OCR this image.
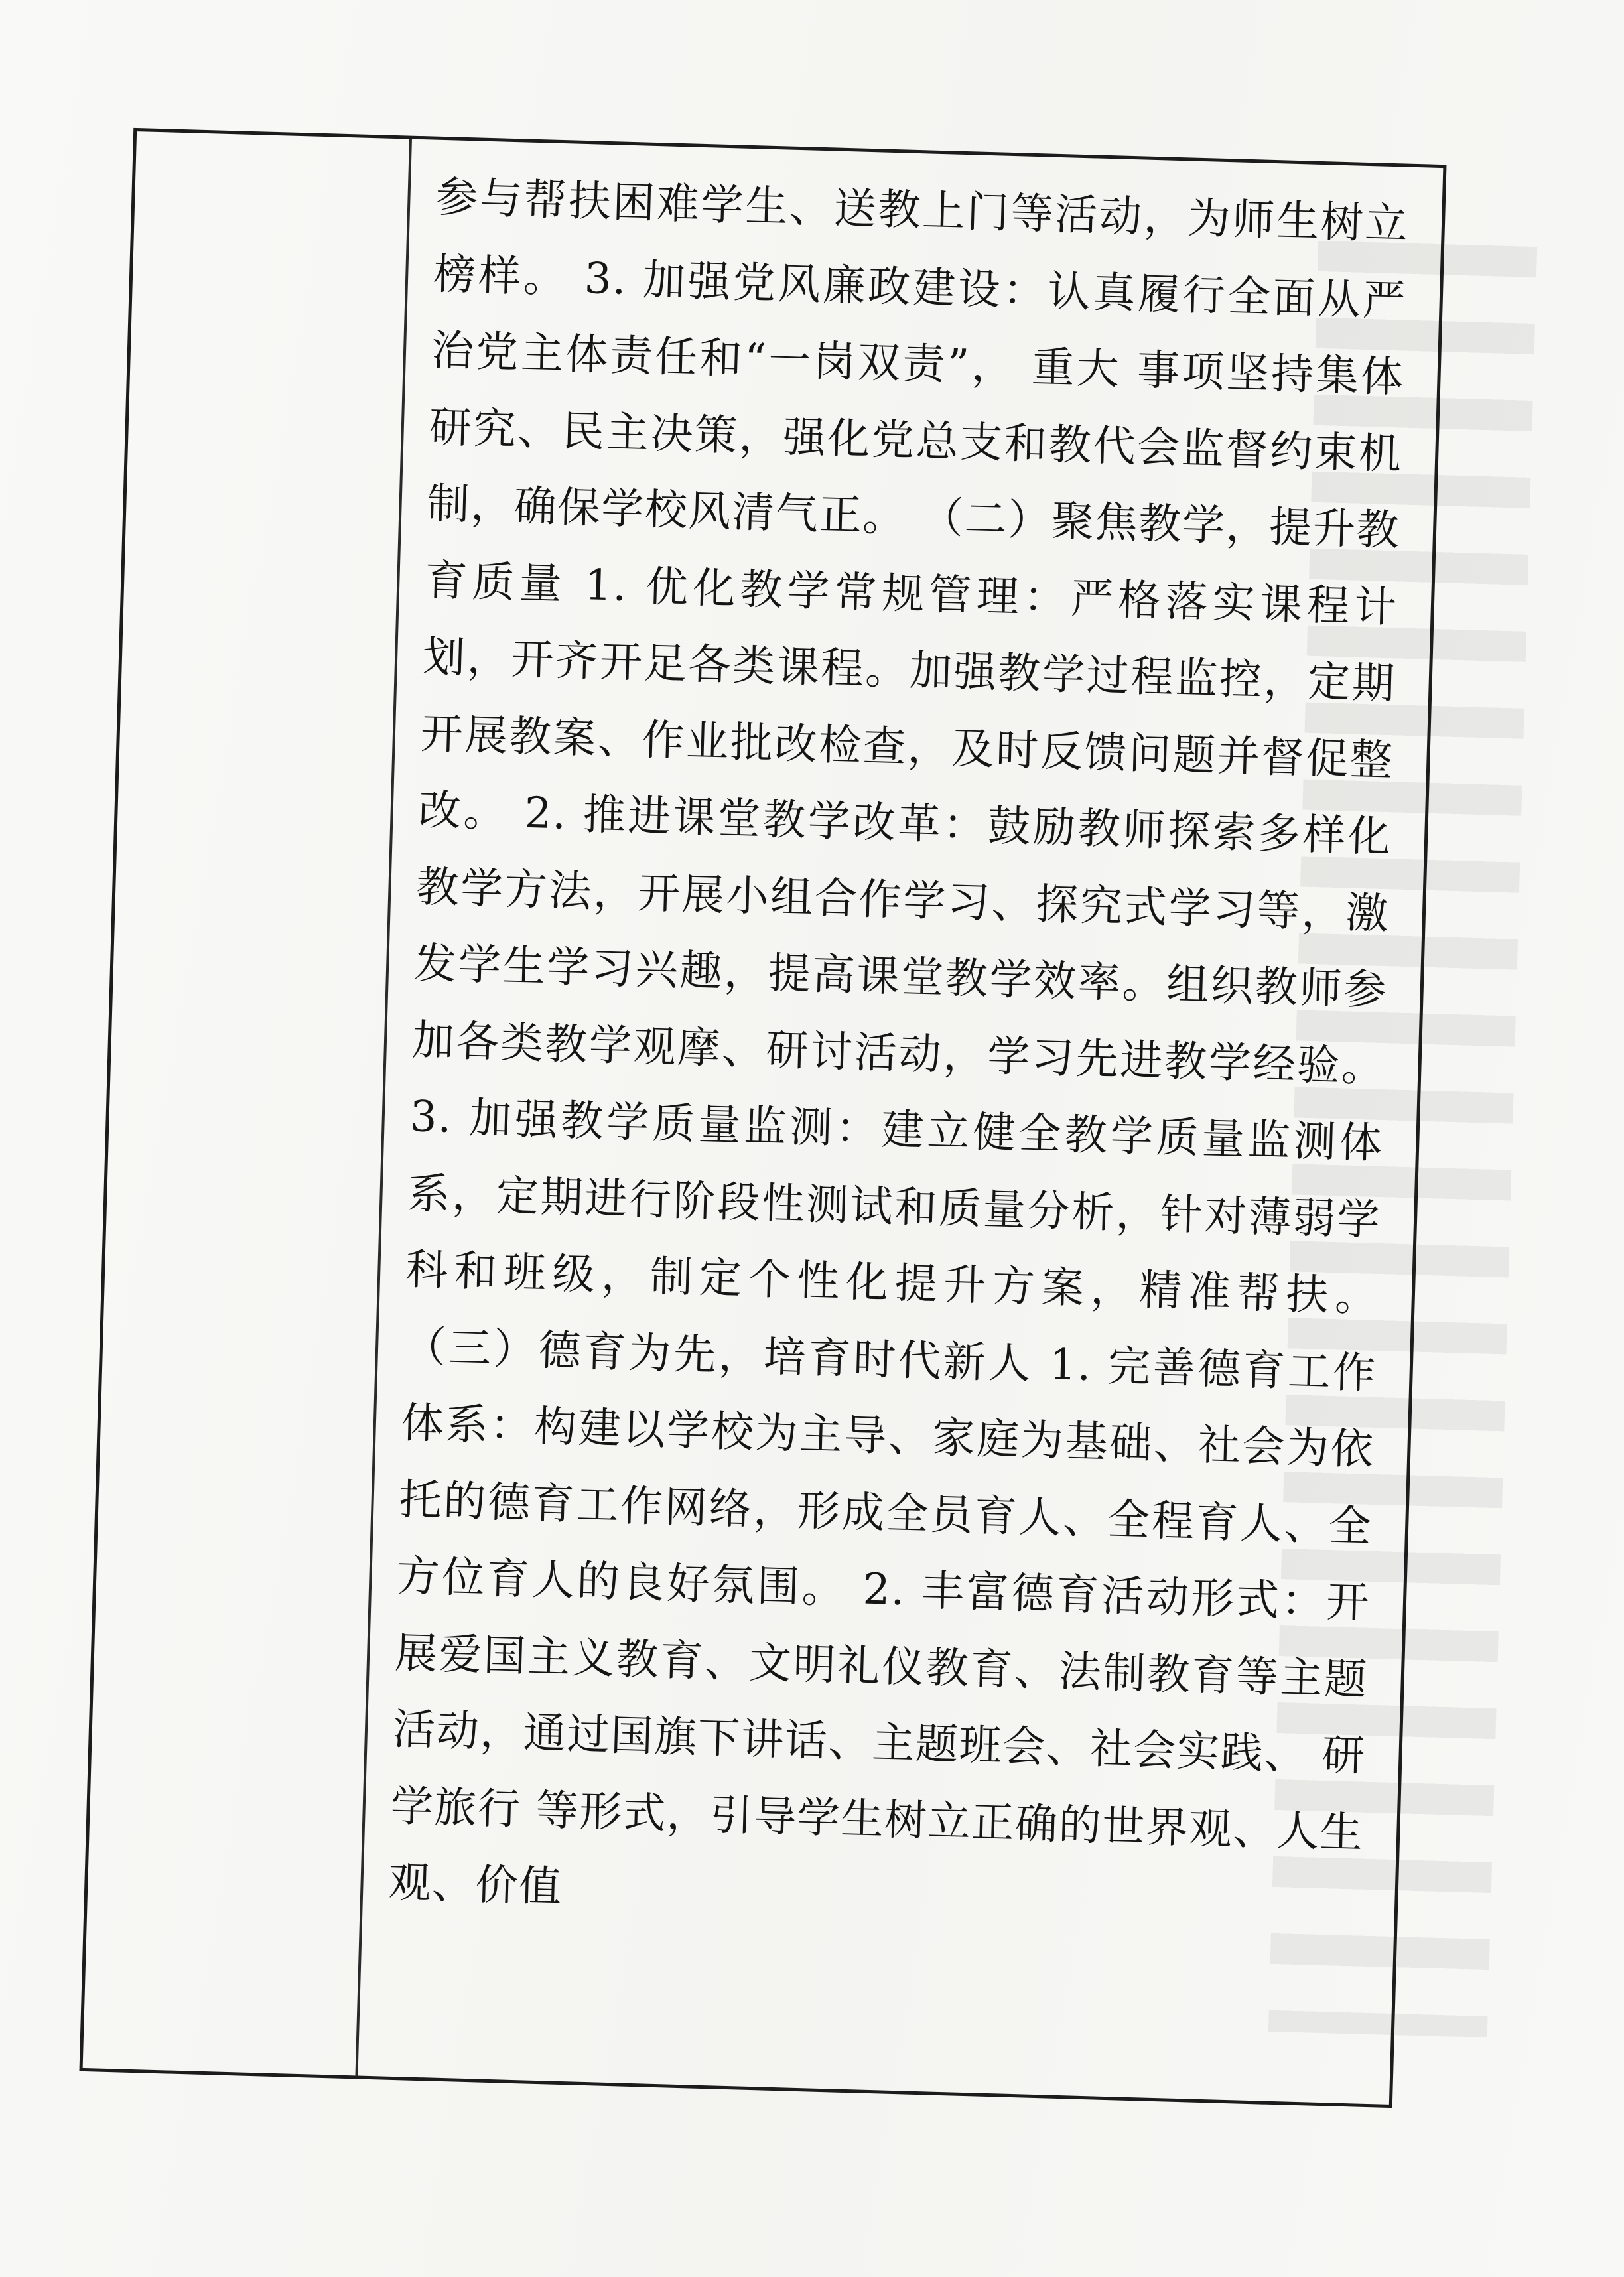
参与帮扶困难学生、送教上门等活动，为师生树立榜样。 3. 加强党风廉政建设：认真履行全面从严治党主体责任和“一岗双责”， 重大 事项坚持集体研究、民主决策，强化党总支和教代会监督约束机制，确保学校风清气正。 （二）聚焦教学，提升教育质量 1. 优化教学常规管理：严格落实课程计划，开齐开足各类课程。加强教学过程监控，定期开展教案、作业批改检查，及时反馈问题并督促整改。 2. 推进课堂教学改革：鼓励教师探索多样化教学方法，开展小组合作学习、探究式学习等，激发学生学习兴趣，提高课堂教学效率。组织教师参加各类教学观摩、研讨活动，学习先进教学经验。 3. 加强教学质量监测：建立健全教学质量监测体系，定期进行阶段性测试和质量分析，针对薄弱学科和班级，制定个性化提升方案，精准帮扶。 （三）德育为先，培育时代新人 1. 完善德育工作体系：构建以学校为主导、家庭为基础、社会为依托的德育工作网络，形成全员育人、全程育人、全方位育人的良好氛围。 2. 丰富德育活动形式：开展爱国主义教育、文明礼仪教育、法制教育等主题活动，通过国旗下讲话、主题班会、社会实践、 研学旅行 等形式，引导学生树立正确的世界观、人生观、价值
